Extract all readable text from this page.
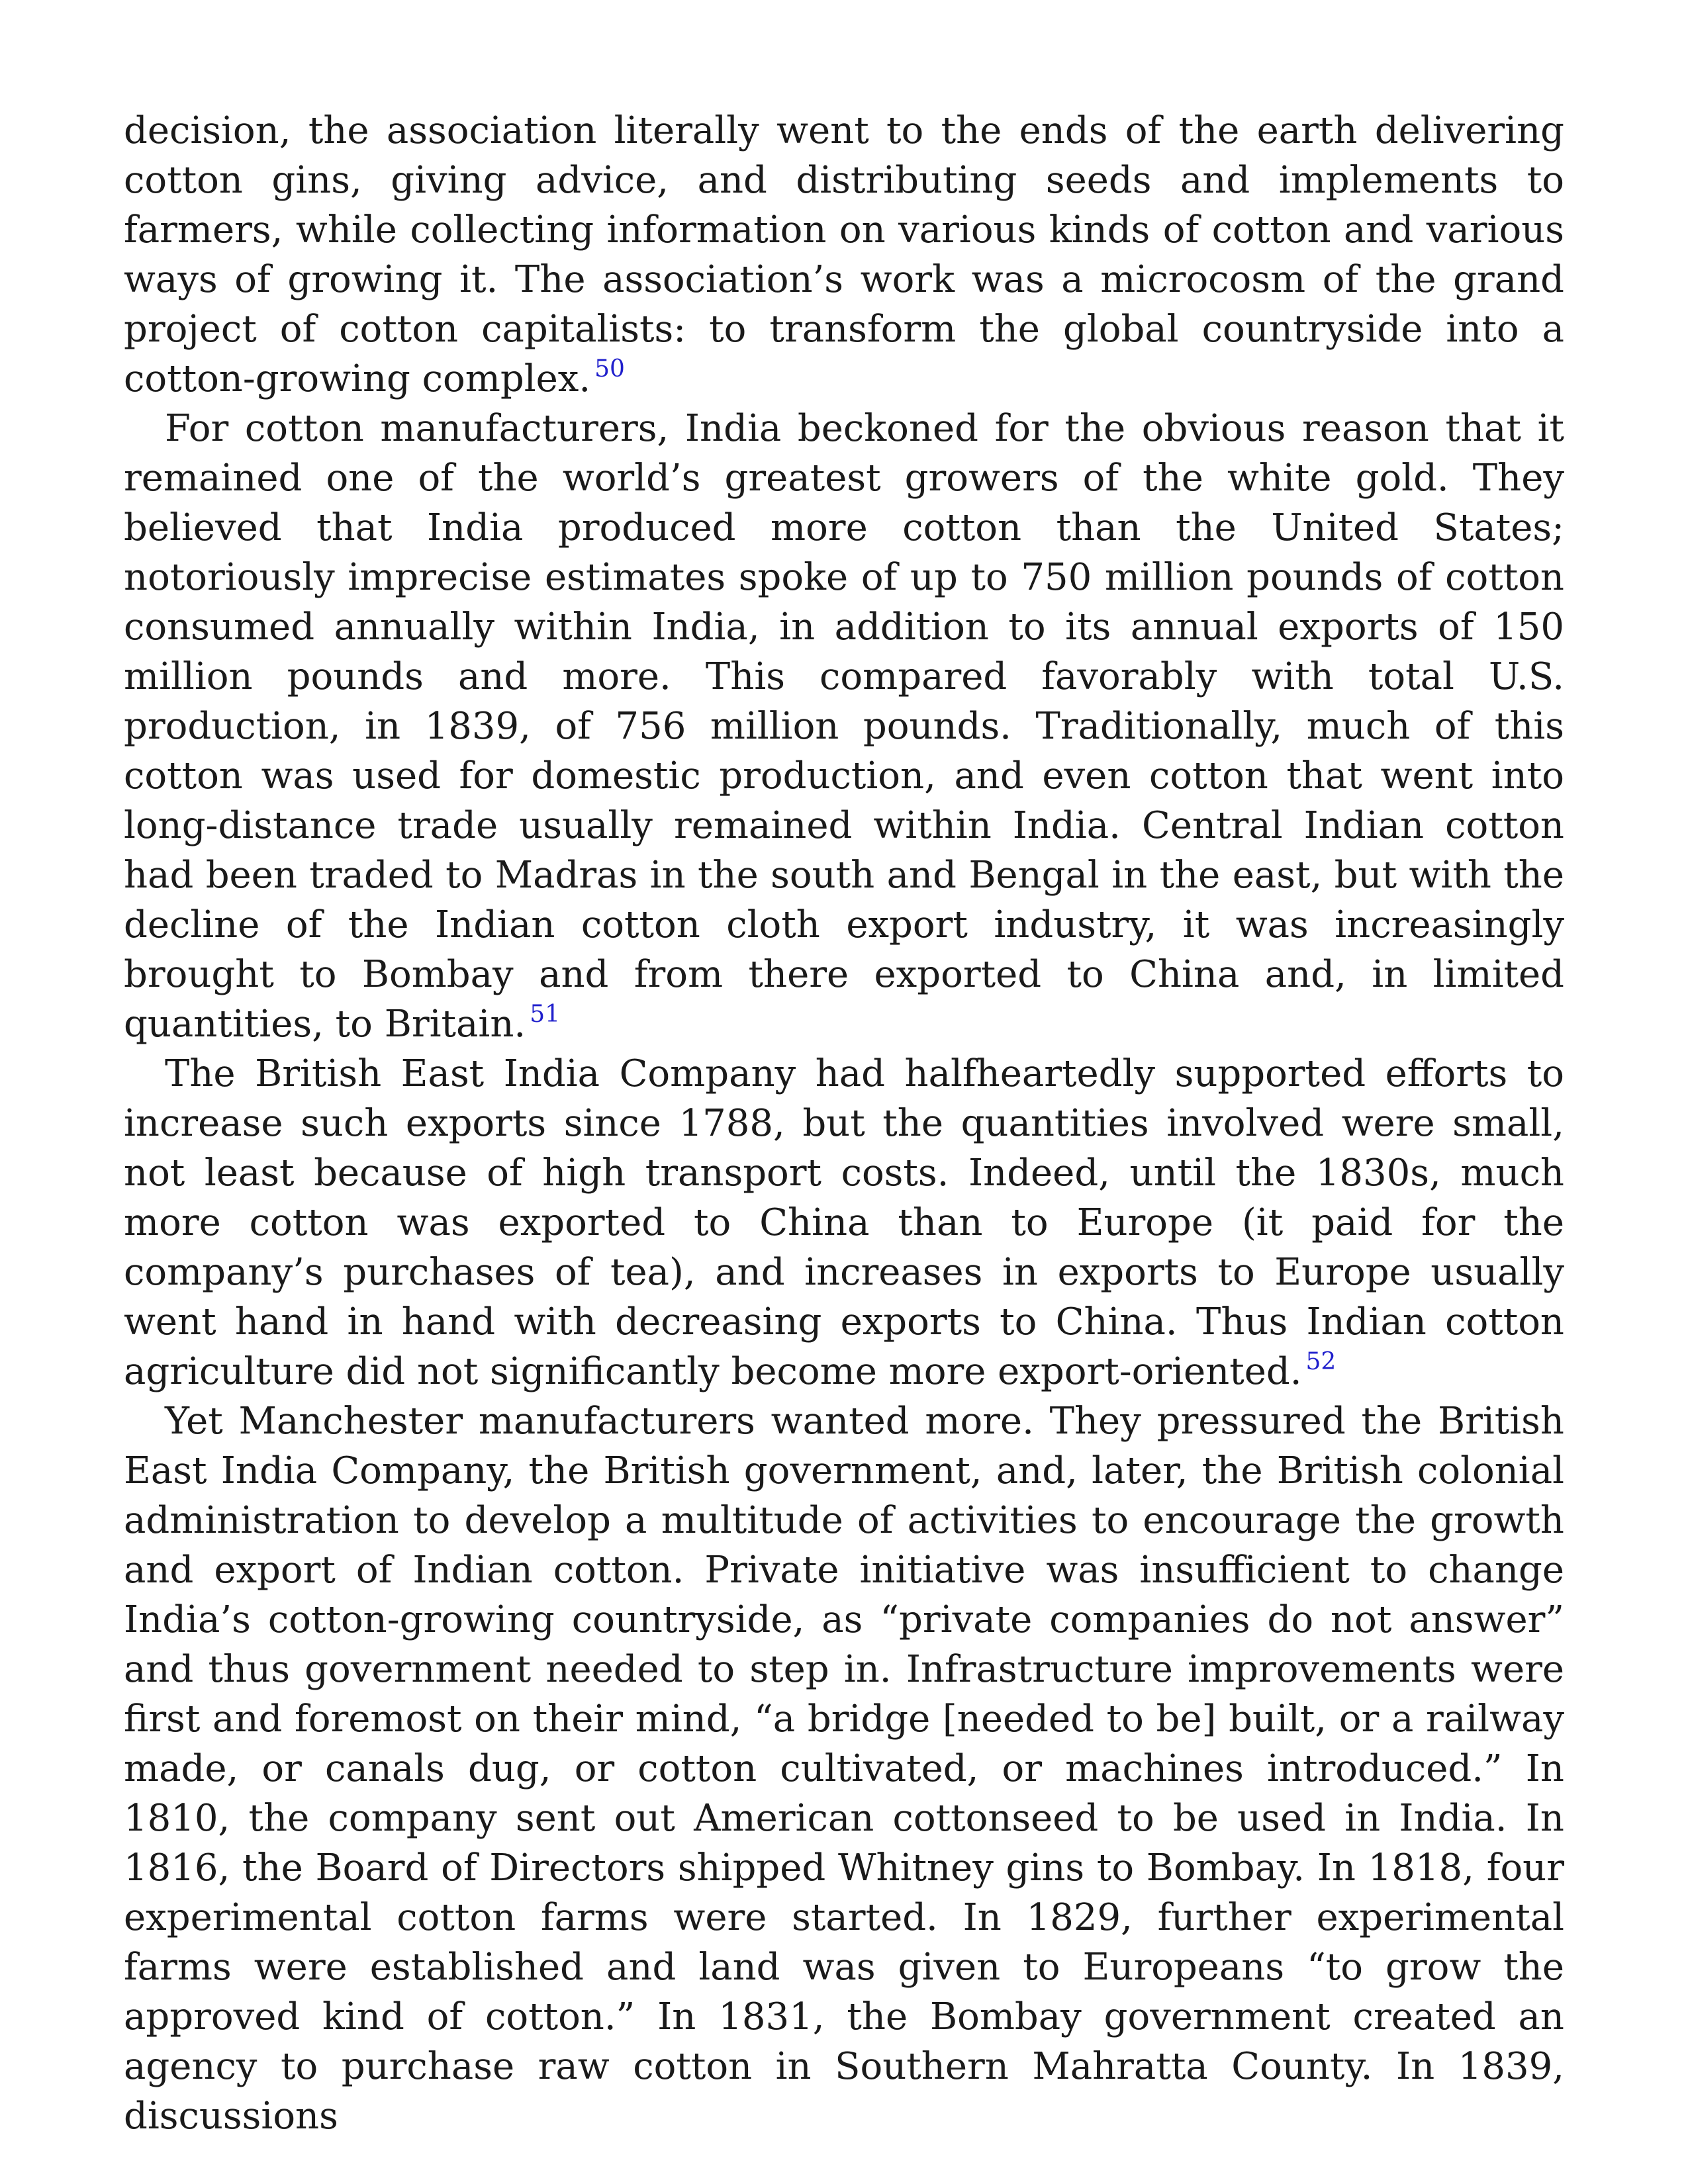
decision, the association literally went to the ends of the earth delivering cotton gins, giving advice, and distributing seeds and implements to farmers, while collecting information on various kinds of cotton and various ways of growing it. The association’s work was a microcosm of the grand project of cotton capitalists: to transform the global countryside into a cotton-growing complex. $^{50}$

For cotton manufacturers, India beckoned for the obvious reason that it remained one of the world’s greatest growers of the white gold. They believed that India produced more cotton than the United States; notoriously imprecise estimates spoke of up to 750 million pounds of cotton consumed annually within India, in addition to its annual exports of 150 million pounds and more. This compared favorably with total U.S. production, in 1839, of 756 million pounds. Traditionally, much of this cotton was used for domestic production, and even cotton that went into long-distance trade usually remained within India. Central Indian cotton had been traded to Madras in the south and Bengal in the east, but with the decline of the Indian cotton cloth export industry, it was increasingly brought to Bombay and from there exported to China and, in limited quantities, to Britain. $^{51}$

The British East India Company had halfheartedly supported efforts to increase such exports since 1788, but the quantities involved were small, not least because of high transport costs. Indeed, until the 1830s, much more cotton was exported to China than to Europe (it paid for the company’s purchases of tea), and increases in exports to Europe usually went hand in hand with decreasing exports to China. Thus Indian cotton agriculture did not significantly become more export-oriented. $^{52}$

Yet Manchester manufacturers wanted more. They pressured the British East India Company, the British government, and, later, the British colonial administration to develop a multitude of activities to encourage the growth and export of Indian cotton. Private initiative was insufficient to change India’s cotton-growing countryside, as “private companies do not answer” and thus government needed to step in. Infrastructure improvements were first and foremost on their mind, “a bridge [needed to be] built, or a railway made, or canals dug, or cotton cultivated, or machines introduced.” In 1810, the company sent out American cottonseed to be used in India. In 1816, the Board of Directors shipped Whitney gins to Bombay. In 1818, four experimental cotton farms were started. In 1829, further experimental farms were established and land was given to Europeans “to grow the approved kind of cotton.” In 1831, the Bombay government created an agency to purchase raw cotton in Southern Mahratta County. In 1839, discussions
